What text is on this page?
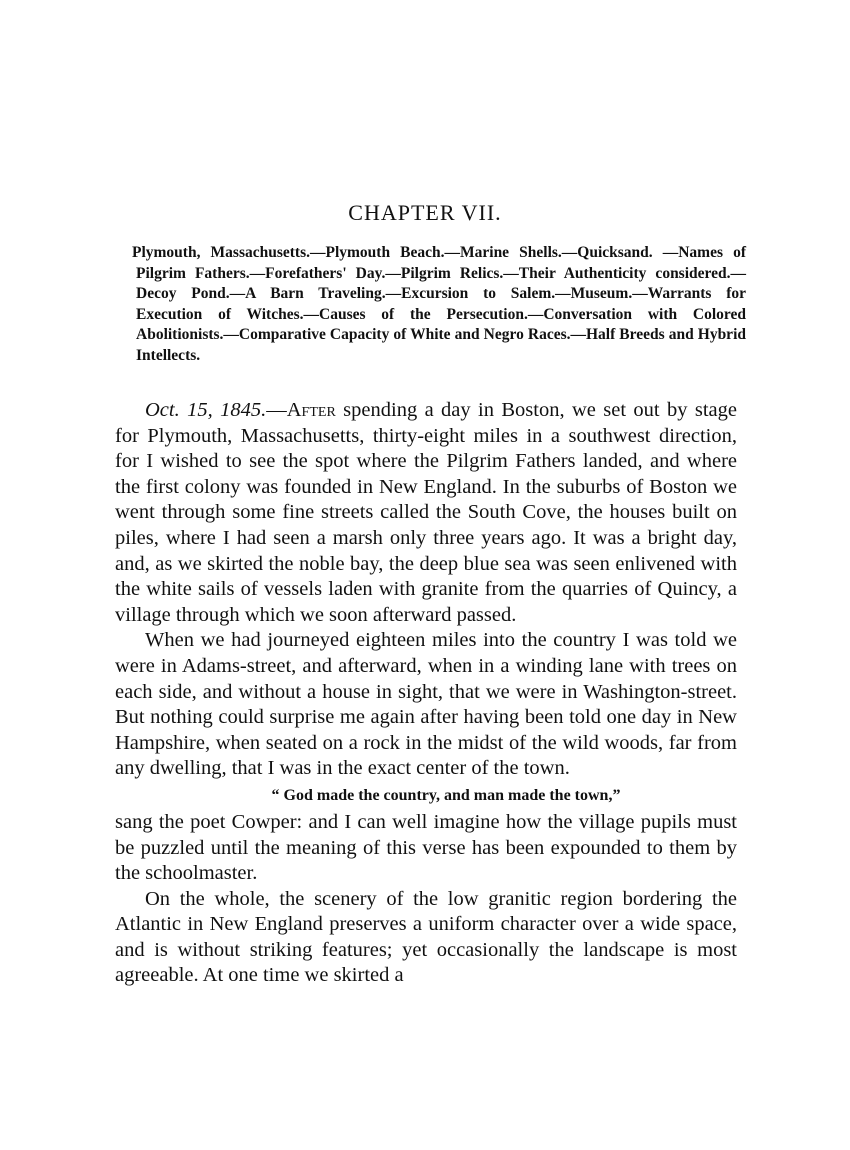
CHAPTER VII.

Plymouth, Massachusetts.—Plymouth Beach.—Marine Shells.—Quicksand. —Names of Pilgrim Fathers.—Forefathers' Day.—Pilgrim Relics.—Their Authenticity considered.—Decoy Pond.—A Barn Traveling.—Excursion to Salem.—Museum.—Warrants for Execution of Witches.—Causes of the Persecution.—Conversation with Colored Abolitionists.—Comparative Capacity of White and Negro Races.—Half Breeds and Hybrid Intellects.

Oct. 15, 1845.—After spending a day in Boston, we set out by stage for Plymouth, Massachusetts, thirty-eight miles in a southwest direction, for I wished to see the spot where the Pilgrim Fathers landed, and where the first colony was founded in New England. In the suburbs of Boston we went through some fine streets called the South Cove, the houses built on piles, where I had seen a marsh only three years ago. It was a bright day, and, as we skirted the noble bay, the deep blue sea was seen enlivened with the white sails of vessels laden with granite from the quarries of Quincy, a village through which we soon afterward passed.

When we had journeyed eighteen miles into the country I was told we were in Adams-street, and afterward, when in a winding lane with trees on each side, and without a house in sight, that we were in Washington-street. But nothing could surprise me again after having been told one day in New Hampshire, when seated on a rock in the midst of the wild woods, far from any dwelling, that I was in the exact center of the town.

“ God made the country, and man made the town,”

sang the poet Cowper: and I can well imagine how the village pupils must be puzzled until the meaning of this verse has been expounded to them by the schoolmaster.

On the whole, the scenery of the low granitic region bordering the Atlantic in New England preserves a uniform character over a wide space, and is without striking features; yet occasionally the landscape is most agreeable. At one time we skirted a
